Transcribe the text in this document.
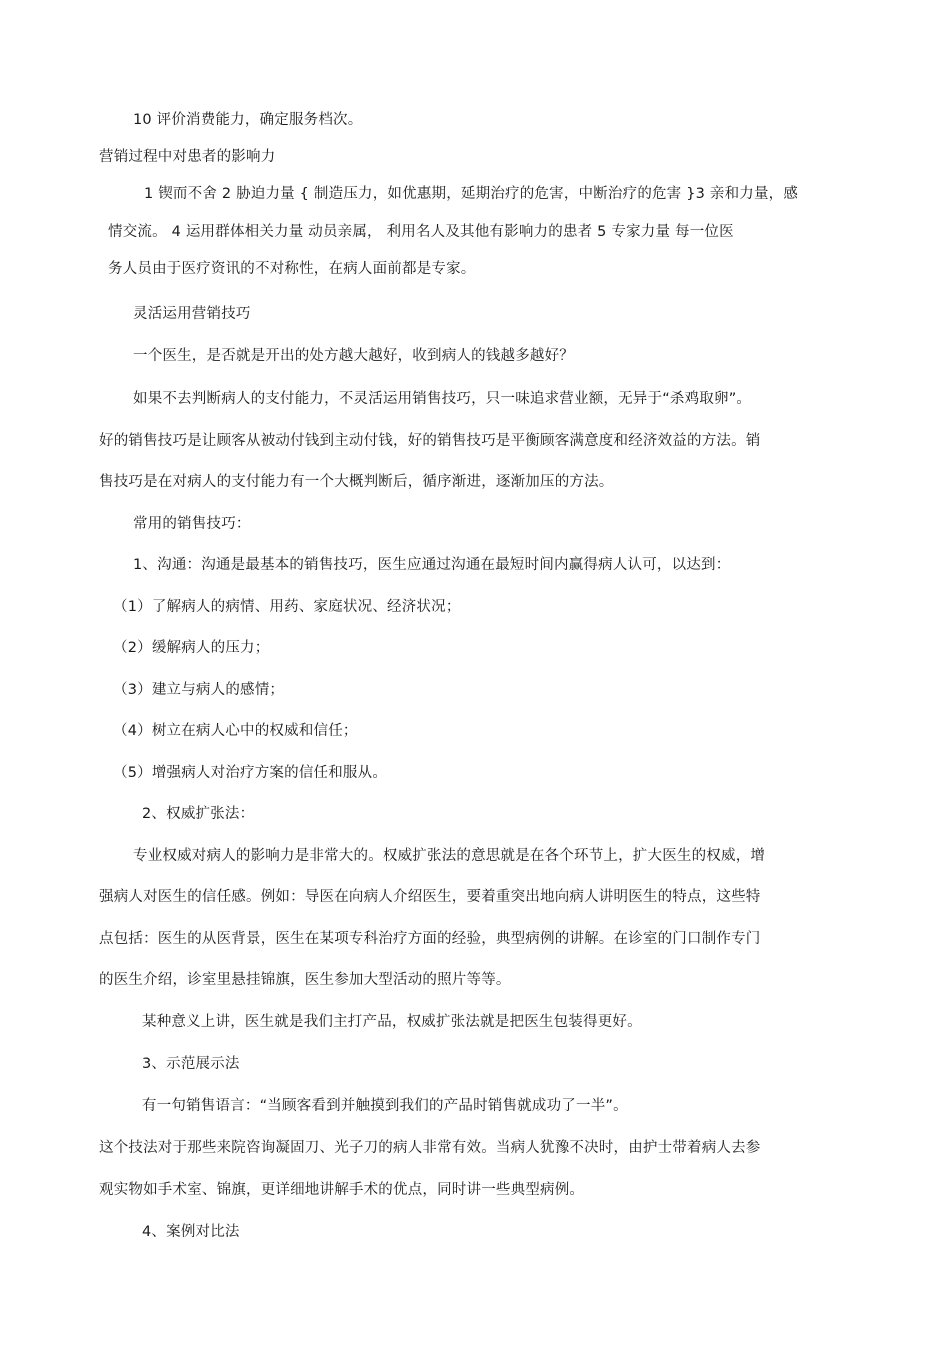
10 评价消费能力，确定服务档次。
营销过程中对患者的影响力
1 锲而不舍 2 胁迫力量 { 制造压力，如优惠期，延期治疗的危害，中断治疗的危害 }3 亲和力量，感
情交流。 4 运用群体相关力量 动员亲属， 利用名人及其他有影响力的患者 5 专家力量 每一位医
务人员由于医疗资讯的不对称性，在病人面前都是专家。
灵活运用营销技巧
一个医生，是否就是开出的处方越大越好，收到病人的钱越多越好？
如果不去判断病人的支付能力，不灵活运用销售技巧，只一味追求营业额，无异于“杀鸡取卵”。
好的销售技巧是让顾客从被动付钱到主动付钱，好的销售技巧是平衡顾客满意度和经济效益的方法。销
售技巧是在对病人的支付能力有一个大概判断后，循序渐进，逐渐加压的方法。
常用的销售技巧：
1、沟通：沟通是最基本的销售技巧，医生应通过沟通在最短时间内赢得病人认可，以达到：
（1）了解病人的病情、用药、家庭状况、经济状况；
（2）缓解病人的压力；
（3）建立与病人的感情；
（4）树立在病人心中的权威和信任；
（5）增强病人对治疗方案的信任和服从。
2、权威扩张法：
专业权威对病人的影响力是非常大的。权威扩张法的意思就是在各个环节上，扩大医生的权威，增
强病人对医生的信任感。例如：导医在向病人介绍医生，要着重突出地向病人讲明医生的特点，这些特
点包括：医生的从医背景，医生在某项专科治疗方面的经验，典型病例的讲解。在诊室的门口制作专门
的医生介绍，诊室里悬挂锦旗，医生参加大型活动的照片等等。
某种意义上讲，医生就是我们主打产品，权威扩张法就是把医生包装得更好。
3、示范展示法
有一句销售语言：“当顾客看到并触摸到我们的产品时销售就成功了一半”。
这个技法对于那些来院咨询凝固刀、光子刀的病人非常有效。当病人犹豫不决时，由护士带着病人去参
观实物如手术室、锦旗，更详细地讲解手术的优点，同时讲一些典型病例。
4、案例对比法
